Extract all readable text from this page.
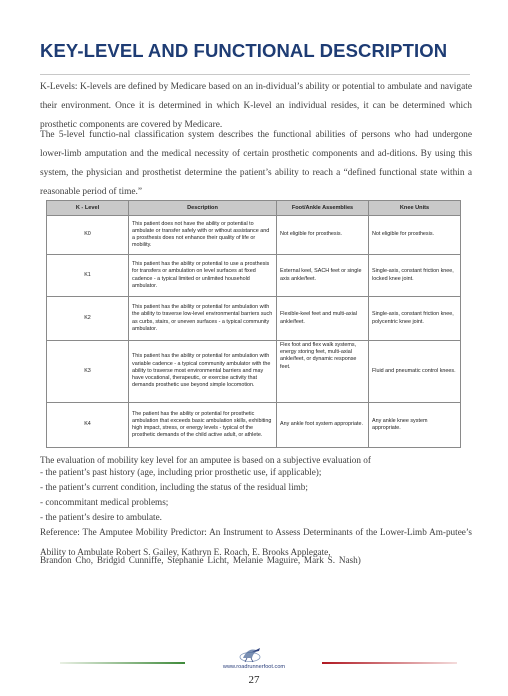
KEY-LEVEL AND FUNCTIONAL DESCRIPTION

K-Levels: K-levels are defined by Medicare based on an in-dividual’s ability or potential to ambulate and navigate their environment. Once it is determined in which K-level an individual resides, it can be determined which prosthetic components are covered by Medicare.

The 5-level functio-nal classification system describes the functional abilities of persons who had undergone lower-limb amputation and the medical necessity of certain prosthetic components and ad-ditions. By using this system, the physician and prosthetist determine the patient’s ability to reach a “defined functional state within a reasonable period of time.”

K - Level	Description	Foot/Ankle Assemblies	Knee Units
K0	This patient does not have the ability or potential to ambulate or transfer safely with or without assistance and a prosthesis does not enhance their quality of life or mobility.	Not eligible for prosthesis.	Not eligible for prosthesis.
K1	This patient has the ability or potential to use a prosthesis for transfers or ambulation on level surfaces at fixed cadence - a typical limited or unlimited household ambulator.	External keel, SACH feet or single axis ankle/feet.	Single-axis, constant friction knee, locked knee joint.
K2	This patient has the ability or potential for ambulation with the ability to traverse low-level environmental barriers such as curbs, stairs, or uneven surfaces - a typical community ambulator.	Flexible-keel feet and multi-axial ankle/feet.	Single-axis, constant friction knee, polycentric knee joint.
K3	This patient has the ability or potential for ambulation with variable cadence - a typical community ambulator with the ability to traverse most environmental barriers and may have vocational, therapeutic, or exercise activity that demands prosthetic use beyond simple locomotion.	Flex foot and flex walk systems, energy storing feet, multi-axial ankle/feet, or dynamic response feet.	Fluid and pneumatic control knees.
K4	The patient has the ability or potential for prosthetic ambulation that exceeds basic ambulation skills, exhibiting high impact, stress, or energy levels - typical of the prosthetic demands of the child active adult, or athlete.	Any ankle foot system appropriate.	Any ankle knee system appropriate.
The evaluation of mobility key level for an amputee is based on a subjective evaluation of
- the patient’s past history (age, including prior prosthetic use, if applicable);
- the patient’s current condition, including the status of the residual limb;
- concommitant medical problems;
- the patient’s desire to ambulate.
Reference: The Amputee Mobility Predictor: An Instrument to Assess Determinants of the Lower-Limb Am-putee’s Ability to Ambulate Robert S. Gailey, Kathryn E. Roach, E. Brooks Applegate,
Brandon Cho, Bridgid Cunniffe, Stephanie Licht, Melanie Maguire, Mark S. Nash)
www.roadrunnerfoot.com
27
